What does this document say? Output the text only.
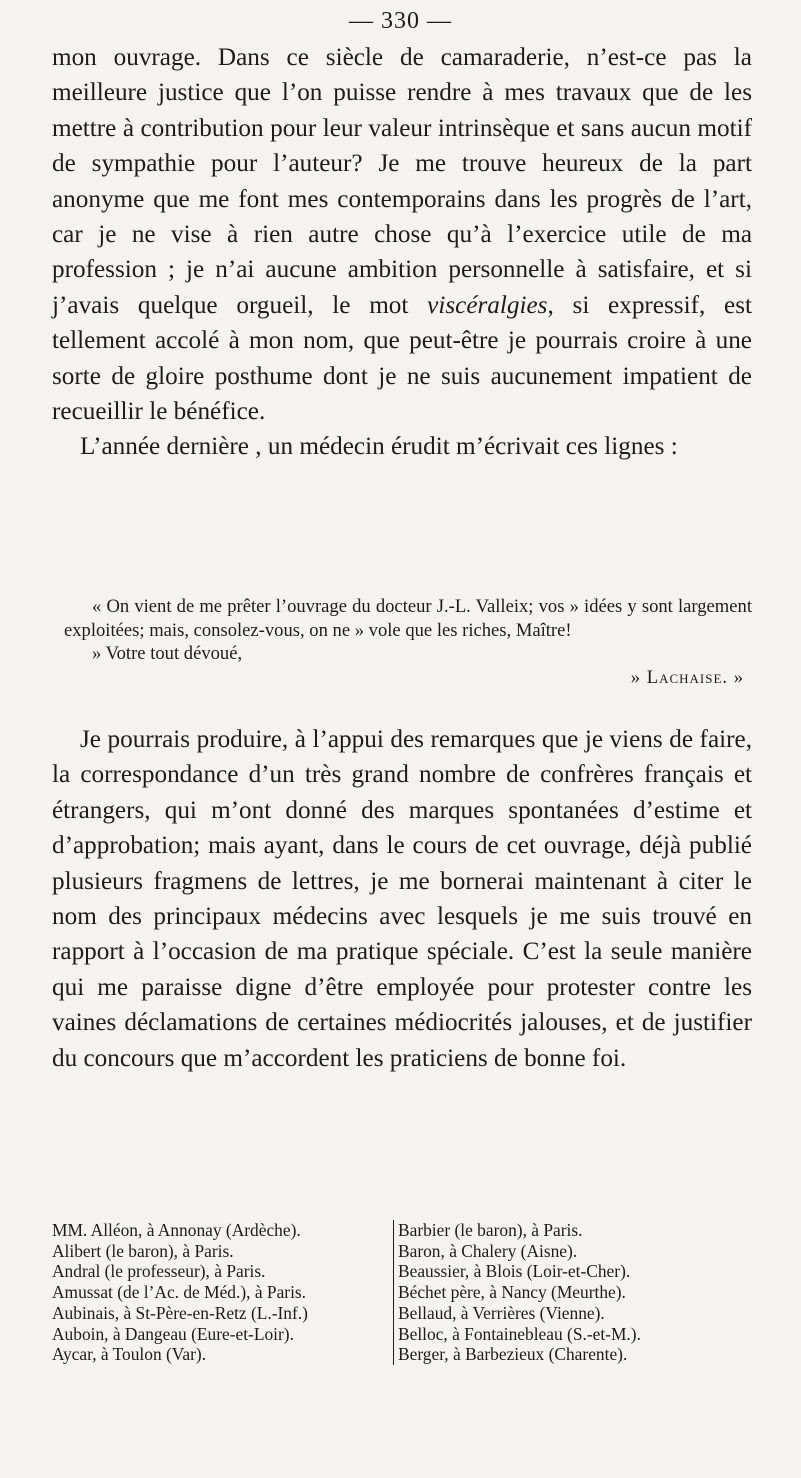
— 330 —

mon ouvrage. Dans ce siècle de camaraderie, n’est-ce pas la meilleure justice que l’on puisse rendre à mes travaux que de les mettre à contribution pour leur valeur intrinsèque et sans aucun motif de sympathie pour l’auteur? Je me trouve heureux de la part anonyme que me font mes contemporains dans les progrès de l’art, car je ne vise à rien autre chose qu’à l’exercice utile de ma profession ; je n’ai aucune ambition personnelle à satisfaire, et si j’avais quelque orgueil, le mot viscéralgies, si expressif, est tellement accolé à mon nom, que peut-être je pourrais croire à une sorte de gloire posthume dont je ne suis aucunement impatient de recueillir le bénéfice.

L’année dernière , un médecin érudit m’écrivait ces lignes :

« On vient de me prêter l’ouvrage du docteur J.-L. Valleix; vos » idées y sont largement exploitées; mais, consolez-vous, on ne » vole que les riches, Maître!

» Votre tout dévoué,

» Lachaise. »

Je pourrais produire, à l’appui des remarques que je viens de faire, la correspondance d’un très grand nombre de confrères français et étrangers, qui m’ont donné des marques spontanées d’estime et d’approbation; mais ayant, dans le cours de cet ouvrage, déjà publié plusieurs fragmens de lettres, je me bornerai maintenant à citer le nom des principaux médecins avec lesquels je me suis trouvé en rapport à l’occasion de ma pratique spéciale. C’est la seule manière qui me paraisse digne d’être employée pour protester contre les vaines déclamations de certaines médiocrités jalouses, et de justifier du concours que m’accordent les praticiens de bonne foi.

MM. Alléon, à Annonay (Ardèche).
Alibert (le baron), à Paris.
Andral (le professeur), à Paris.
Amussat (de l’Ac. de Méd.), à Paris.
Aubinais, à St-Père-en-Retz (L.-Inf.)
Auboin, à Dangeau (Eure-et-Loir).
Aycar, à Toulon (Var).
Barbier (le baron), à Paris.
Baron, à Chalery (Aisne).
Beaussier, à Blois (Loir-et-Cher).
Béchet père, à Nancy (Meurthe).
Bellaud, à Verrières (Vienne).
Belloc, à Fontainebleau (S.-et-M.).
Berger, à Barbezieux (Charente).
